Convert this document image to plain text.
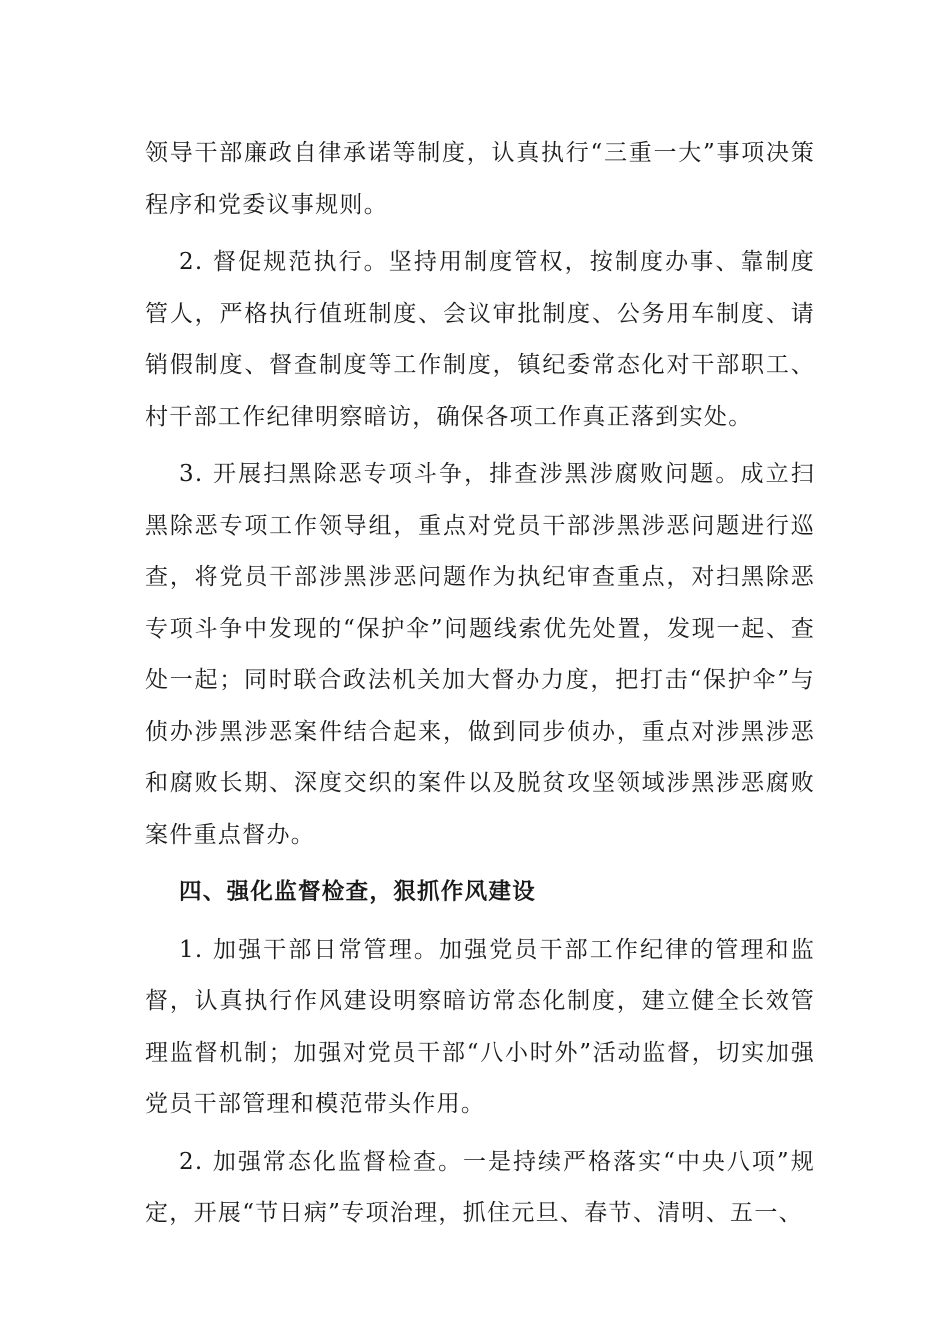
领导干部廉政自律承诺等制度，认真执行“三重一大”事项决策程序和党委议事规则。

2. 督促规范执行。坚持用制度管权，按制度办事、靠制度管人，严格执行值班制度、会议审批制度、公务用车制度、请销假制度、督查制度等工作制度，镇纪委常态化对干部职工、村干部工作纪律明察暗访，确保各项工作真正落到实处。

3. 开展扫黑除恶专项斗争，排查涉黑涉腐败问题。成立扫黑除恶专项工作领导组，重点对党员干部涉黑涉恶问题进行巡查，将党员干部涉黑涉恶问题作为执纪审查重点，对扫黑除恶专项斗争中发现的“保护伞”问题线索优先处置，发现一起、查处一起；同时联合政法机关加大督办力度，把打击“保护伞”与侦办涉黑涉恶案件结合起来，做到同步侦办，重点对涉黑涉恶和腐败长期、深度交织的案件以及脱贫攻坚领域涉黑涉恶腐败案件重点督办。

四、强化监督检查，狠抓作风建设

1. 加强干部日常管理。加强党员干部工作纪律的管理和监督，认真执行作风建设明察暗访常态化制度，建立健全长效管理监督机制；加强对党员干部“八小时外”活动监督，切实加强党员干部管理和模范带头作用。

2. 加强常态化监督检查。一是持续严格落实“中央八项”规定，开展“节日病”专项治理，抓住元旦、春节、清明、五一、
